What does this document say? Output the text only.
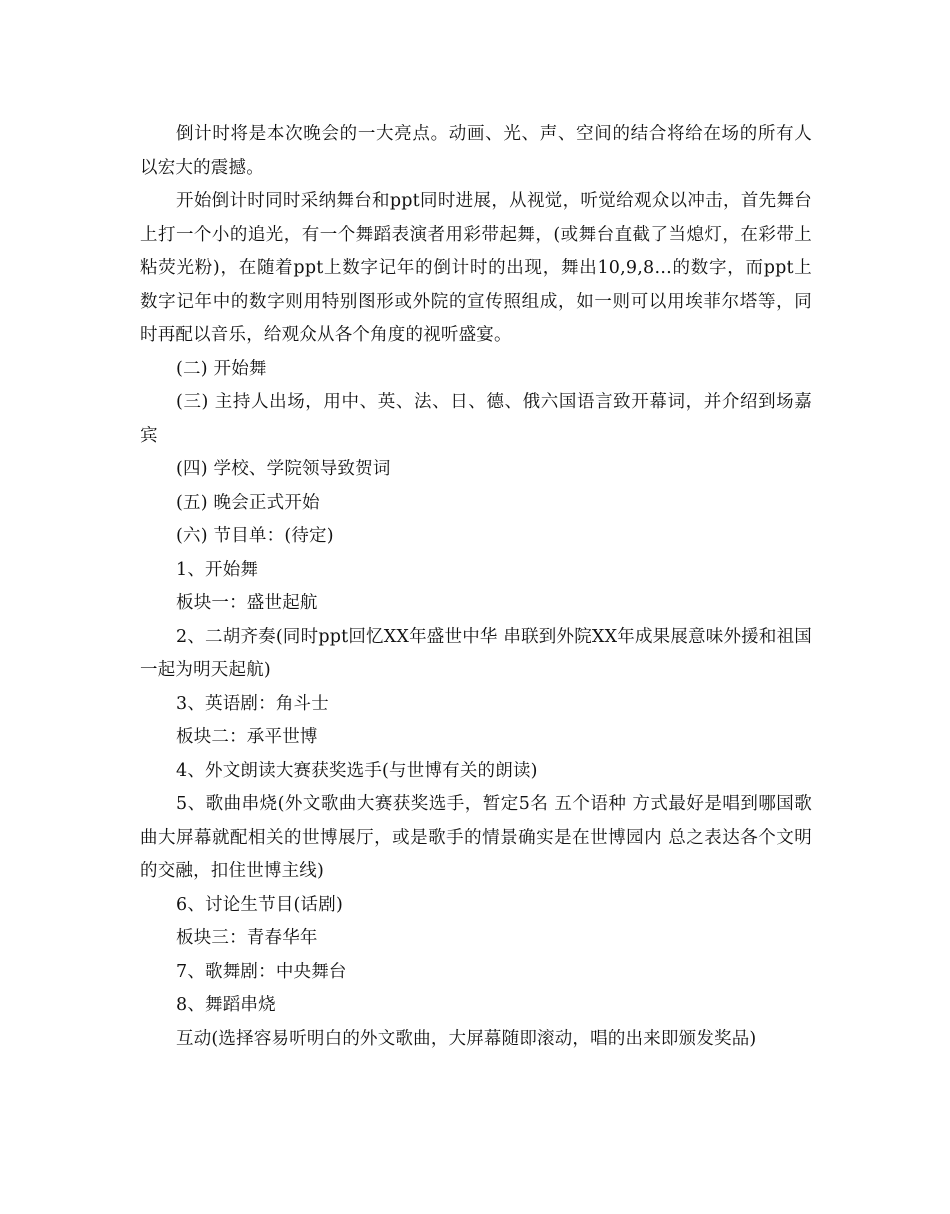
倒计时将是本次晚会的一大亮点。动画、光、声、空间的结合将给在场的所有人以宏大的震撼。

开始倒计时同时采纳舞台和ppt同时进展，从视觉，听觉给观众以冲击，首先舞台上打一个小的追光，有一个舞蹈表演者用彩带起舞，(或舞台直截了当熄灯，在彩带上粘荧光粉)，在随着ppt上数字记年的倒计时的出现，舞出10,9,8…的数字，而ppt上数字记年中的数字则用特别图形或外院的宣传照组成，如一则可以用埃菲尔塔等，同时再配以音乐，给观众从各个角度的视听盛宴。

(二) 开始舞

(三) 主持人出场，用中、英、法、日、德、俄六国语言致开幕词，并介绍到场嘉宾

(四) 学校、学院领导致贺词

(五) 晚会正式开始

(六) 节目单：(待定)

1、开始舞

板块一：盛世起航

2、二胡齐奏(同时ppt回忆XX年盛世中华 串联到外院XX年成果展意味外援和祖国一起为明天起航)

3、英语剧：角斗士

板块二：承平世博

4、外文朗读大赛获奖选手(与世博有关的朗读)

5、歌曲串烧(外文歌曲大赛获奖选手，暂定5名 五个语种 方式最好是唱到哪国歌曲大屏幕就配相关的世博展厅，或是歌手的情景确实是在世博园内 总之表达各个文明的交融，扣住世博主线)

6、讨论生节目(话剧)

板块三：青春华年

7、歌舞剧：中央舞台

8、舞蹈串烧

互动(选择容易听明白的外文歌曲，大屏幕随即滚动，唱的出来即颁发奖品)
